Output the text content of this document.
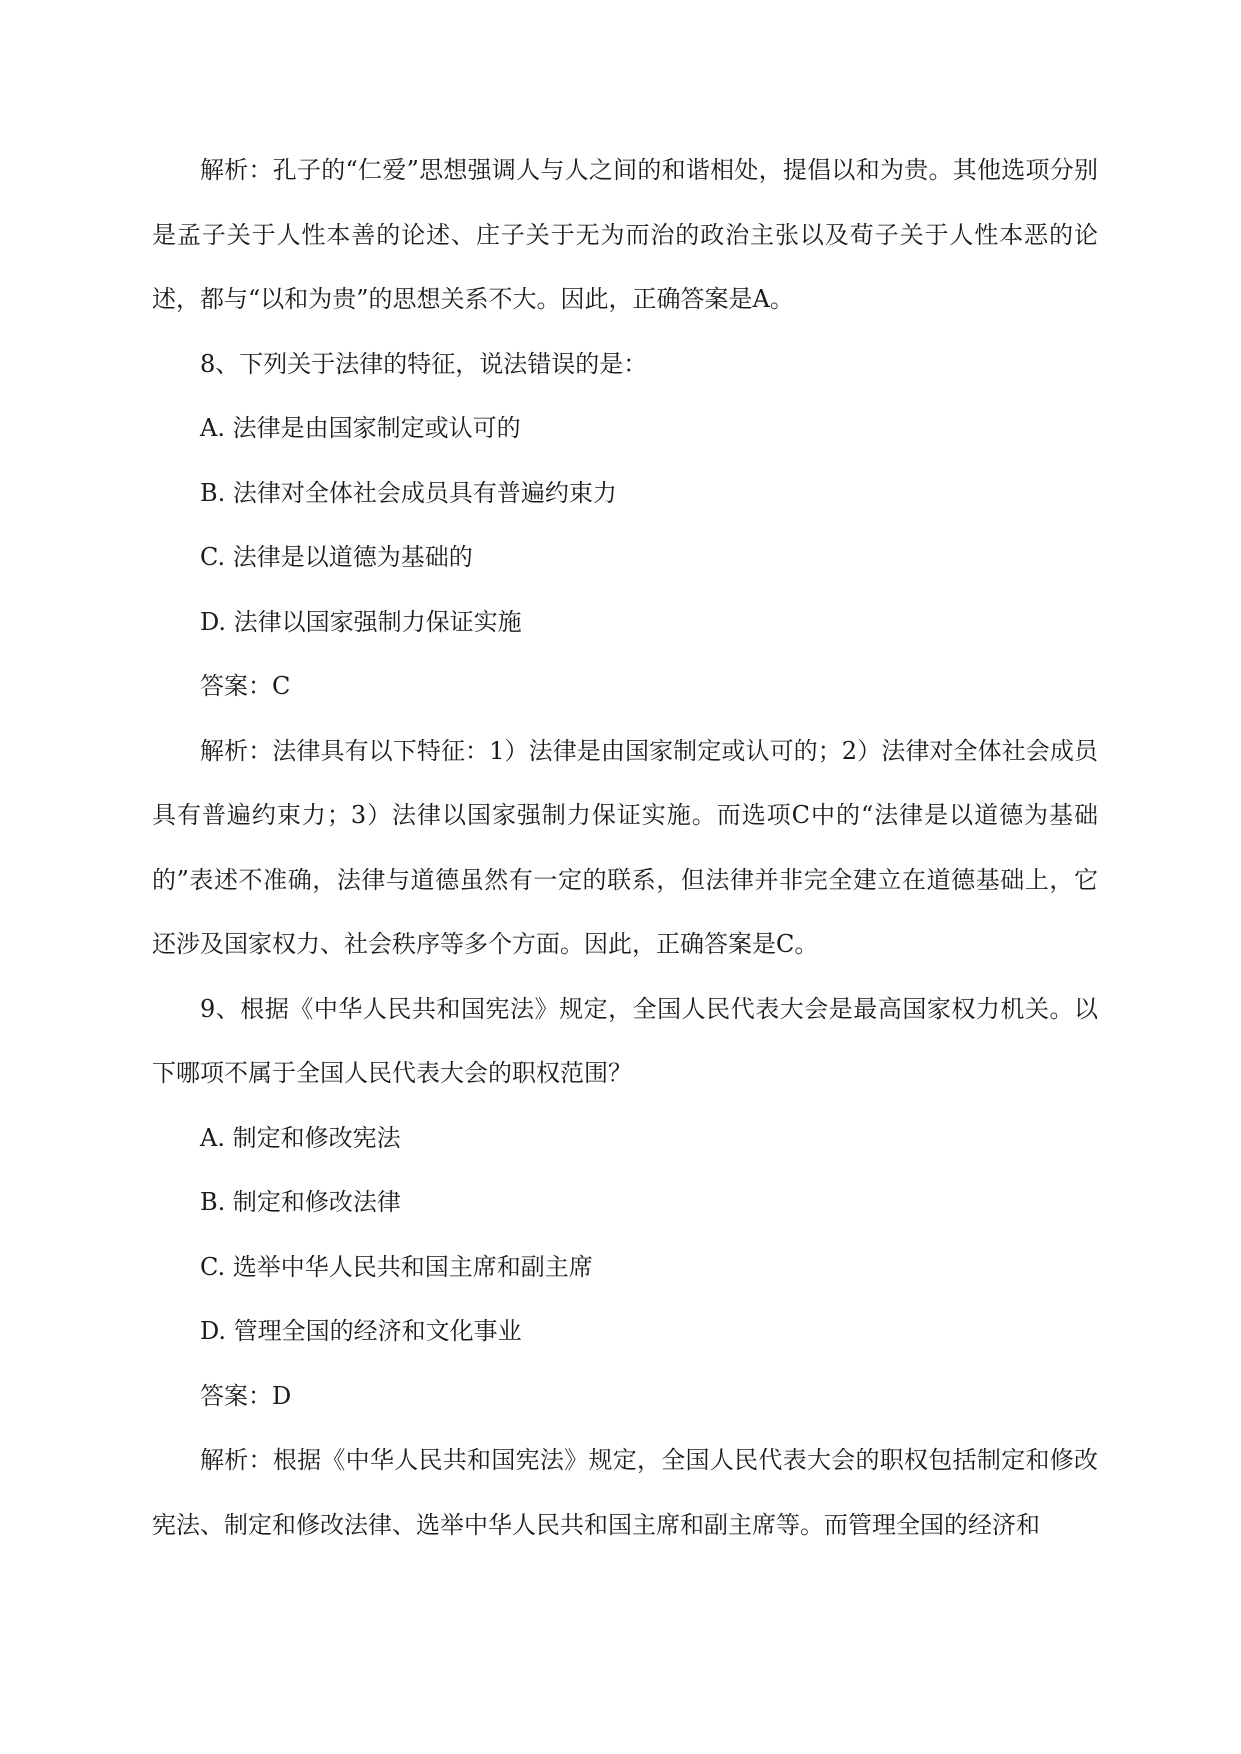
解析：孔子的“仁爱”思想强调人与人之间的和谐相处，提倡以和为贵。其他选项分别是孟子关于人性本善的论述、庄子关于无为而治的政治主张以及荀子关于人性本恶的论述，都与“以和为贵”的思想关系不大。因此，正确答案是A。

8、下列关于法律的特征，说法错误的是：

A. 法律是由国家制定或认可的

B. 法律对全体社会成员具有普遍约束力

C. 法律是以道德为基础的

D. 法律以国家强制力保证实施

答案：C

解析：法律具有以下特征：1）法律是由国家制定或认可的；2）法律对全体社会成员具有普遍约束力；3）法律以国家强制力保证实施。而选项C中的“法律是以道德为基础的”表述不准确，法律与道德虽然有一定的联系，但法律并非完全建立在道德基础上，它还涉及国家权力、社会秩序等多个方面。因此，正确答案是C。

9、根据《中华人民共和国宪法》规定，全国人民代表大会是最高国家权力机关。以下哪项不属于全国人民代表大会的职权范围？

A. 制定和修改宪法

B. 制定和修改法律

C. 选举中华人民共和国主席和副主席

D. 管理全国的经济和文化事业

答案：D

解析：根据《中华人民共和国宪法》规定，全国人民代表大会的职权包括制定和修改宪法、制定和修改法律、选举中华人民共和国主席和副主席等。而管理全国的经济和
